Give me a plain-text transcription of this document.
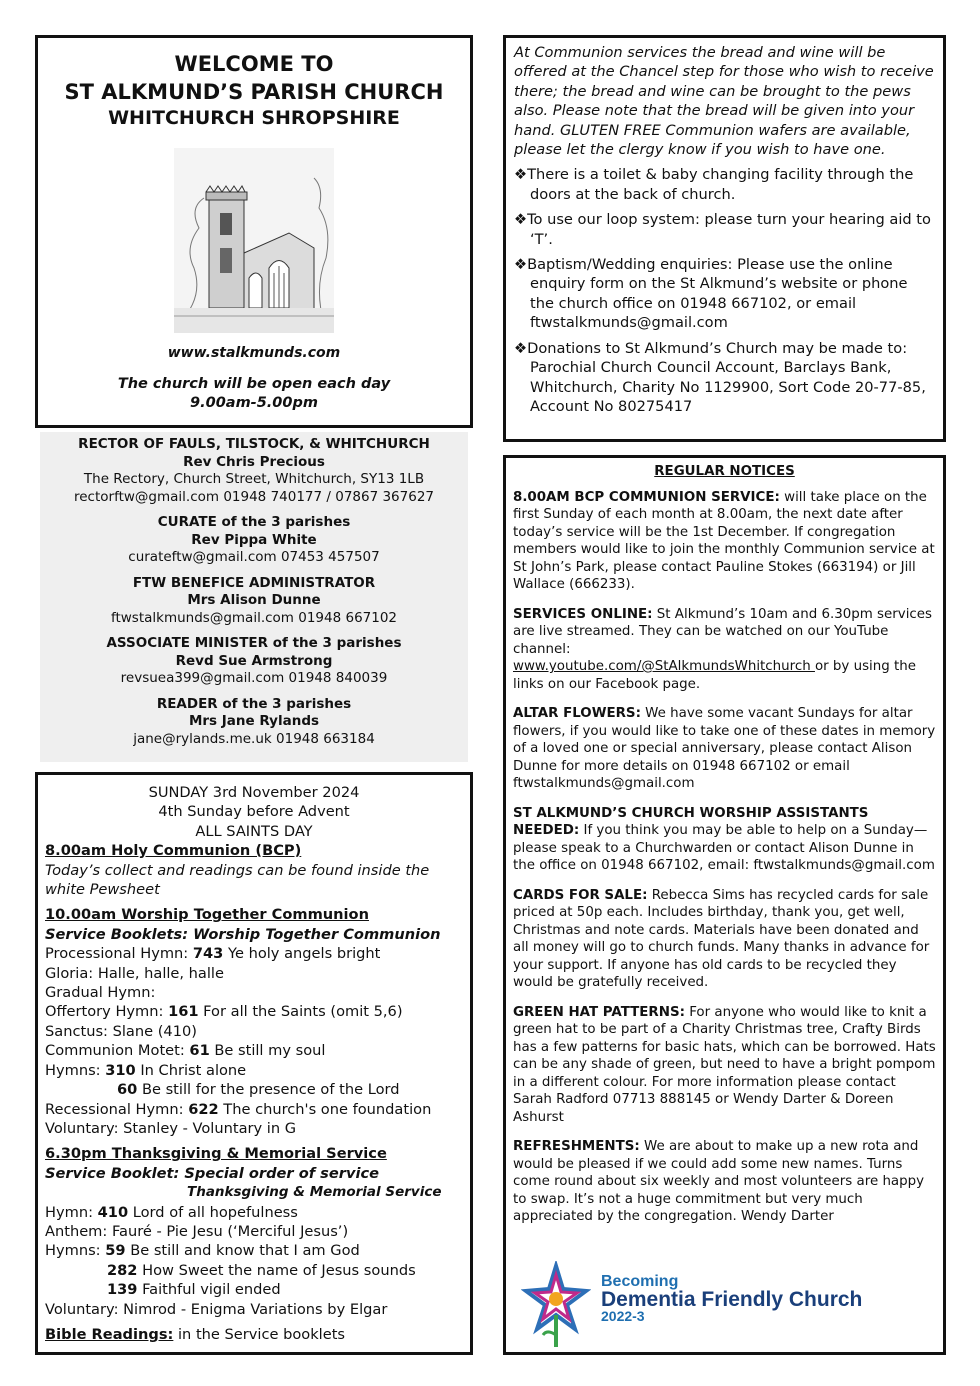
WELCOME TO
ST ALKMUND’S PARISH CHURCH
WHITCHURCH SHROPSHIRE
www.stalkmunds.com
The church will be open each day
9.00am-5.00pm
RECTOR OF FAULS, TILSTOCK, & WHITCHURCH
Rev Chris Precious
The Rectory, Church Street, Whitchurch, SY13 1LB
rectorftw@gmail.com 01948 740177 / 07867 367627
CURATE of the 3 parishes
Rev Pippa White
curateftw@gmail.com 07453 457507
FTW BENEFICE ADMINISTRATOR
Mrs Alison Dunne
ftwstalkmunds@gmail.com 01948 667102
ASSOCIATE MINISTER of the 3 parishes
Revd Sue Armstrong
revsuea399@gmail.com 01948 840039
READER of the 3 parishes
Mrs Jane Rylands
jane@rylands.me.uk 01948 663184
SUNDAY 3rd November 2024
4th Sunday before Advent
ALL SAINTS DAY
8.00am Holy Communion (BCP)
Today’s collect and readings can be found inside the white Pewsheet
10.00am Worship Together Communion
Service Booklets: Worship Together Communion
Processional Hymn: 743 Ye holy angels bright
Gloria: Halle, halle, halle
Gradual Hymn:
Offertory Hymn: 161 For all the Saints (omit 5,6)
Sanctus: Slane (410)
Communion Motet: 61 Be still my soul
Hymns: 310 In Christ alone
60 Be still for the presence of the Lord
Recessional Hymn: 622 The church's one foundation
Voluntary: Stanley - Voluntary in G
6.30pm Thanksgiving & Memorial Service
Service Booklet: Special order of service
Thanksgiving & Memorial Service
Hymn: 410 Lord of all hopefulness
Anthem: Fauré - Pie Jesu (‘Merciful Jesus’)
Hymns: 59 Be still and know that I am God
282 How Sweet the name of Jesus sounds
139 Faithful vigil ended
Voluntary: Nimrod - Enigma Variations by Elgar
Bible Readings: in the Service booklets
At Communion services the bread and wine will be offered at the Chancel step for those who wish to receive there; the bread and wine can be brought to the pews also. Please note that the bread will be given into your hand. GLUTEN FREE Communion wafers are available, please let the clergy know if you wish to have one.
❖There is a toilet & baby changing facility through the doors at the back of church.
❖To use our loop system: please turn your hearing aid to ‘T’.
❖Baptism/Wedding enquiries: Please use the online enquiry form on the St Alkmund’s website or phone the church office on 01948 667102, or email ftwstalkmunds@gmail.com
❖Donations to St Alkmund’s Church may be made to: Parochial Church Council Account, Barclays Bank, Whitchurch, Charity No 1129900, Sort Code 20-77-85, Account No 80275417
REGULAR NOTICES
8.00AM BCP COMMUNION SERVICE: will take place on the first Sunday of each month at 8.00am, the next date after today’s service will be the 1st December. If congregation members would like to join the monthly Communion service at St John’s Park, please contact Pauline Stokes (663194) or Jill Wallace (666233).
SERVICES ONLINE: St Alkmund’s 10am and 6.30pm services are live streamed. They can be watched on our YouTube channel:
www.youtube.com/@StAlkmundsWhitchurch or by using the links on our Facebook page.
ALTAR FLOWERS: We have some vacant Sundays for altar flowers, if you would like to take one of these dates in memory of a loved one or special anniversary, please contact Alison Dunne for more details on 01948 667102 or email ftwstalkmunds@gmail.com
ST ALKMUND’S CHURCH WORSHIP ASSISTANTS NEEDED: If you think you may be able to help on a Sunday—please speak to a Churchwarden or contact Alison Dunne in the office on 01948 667102, email: ftwstalkmunds@gmail.com
CARDS FOR SALE: Rebecca Sims has recycled cards for sale priced at 50p each. Includes birthday, thank you, get well, Christmas and note cards. Materials have been donated and all money will go to church funds. Many thanks in advance for your support. If anyone has old cards to be recycled they would be gratefully received.
GREEN HAT PATTERNS: For anyone who would like to knit a green hat to be part of a Charity Christmas tree, Crafty Birds has a few patterns for basic hats, which can be borrowed. Hats can be any shade of green, but need to have a bright pompom in a different colour. For more information please contact Sarah Radford 07713 888145 or Wendy Darter & Doreen Ashurst
REFRESHMENTS: We are about to make up a new rota and would be pleased if we could add some new names. Turns come round about six weekly and most volunteers are happy to swap. It’s not a huge commitment but very much appreciated by the congregation. Wendy Darter
Becoming
Dementia Friendly Church
2022-3
